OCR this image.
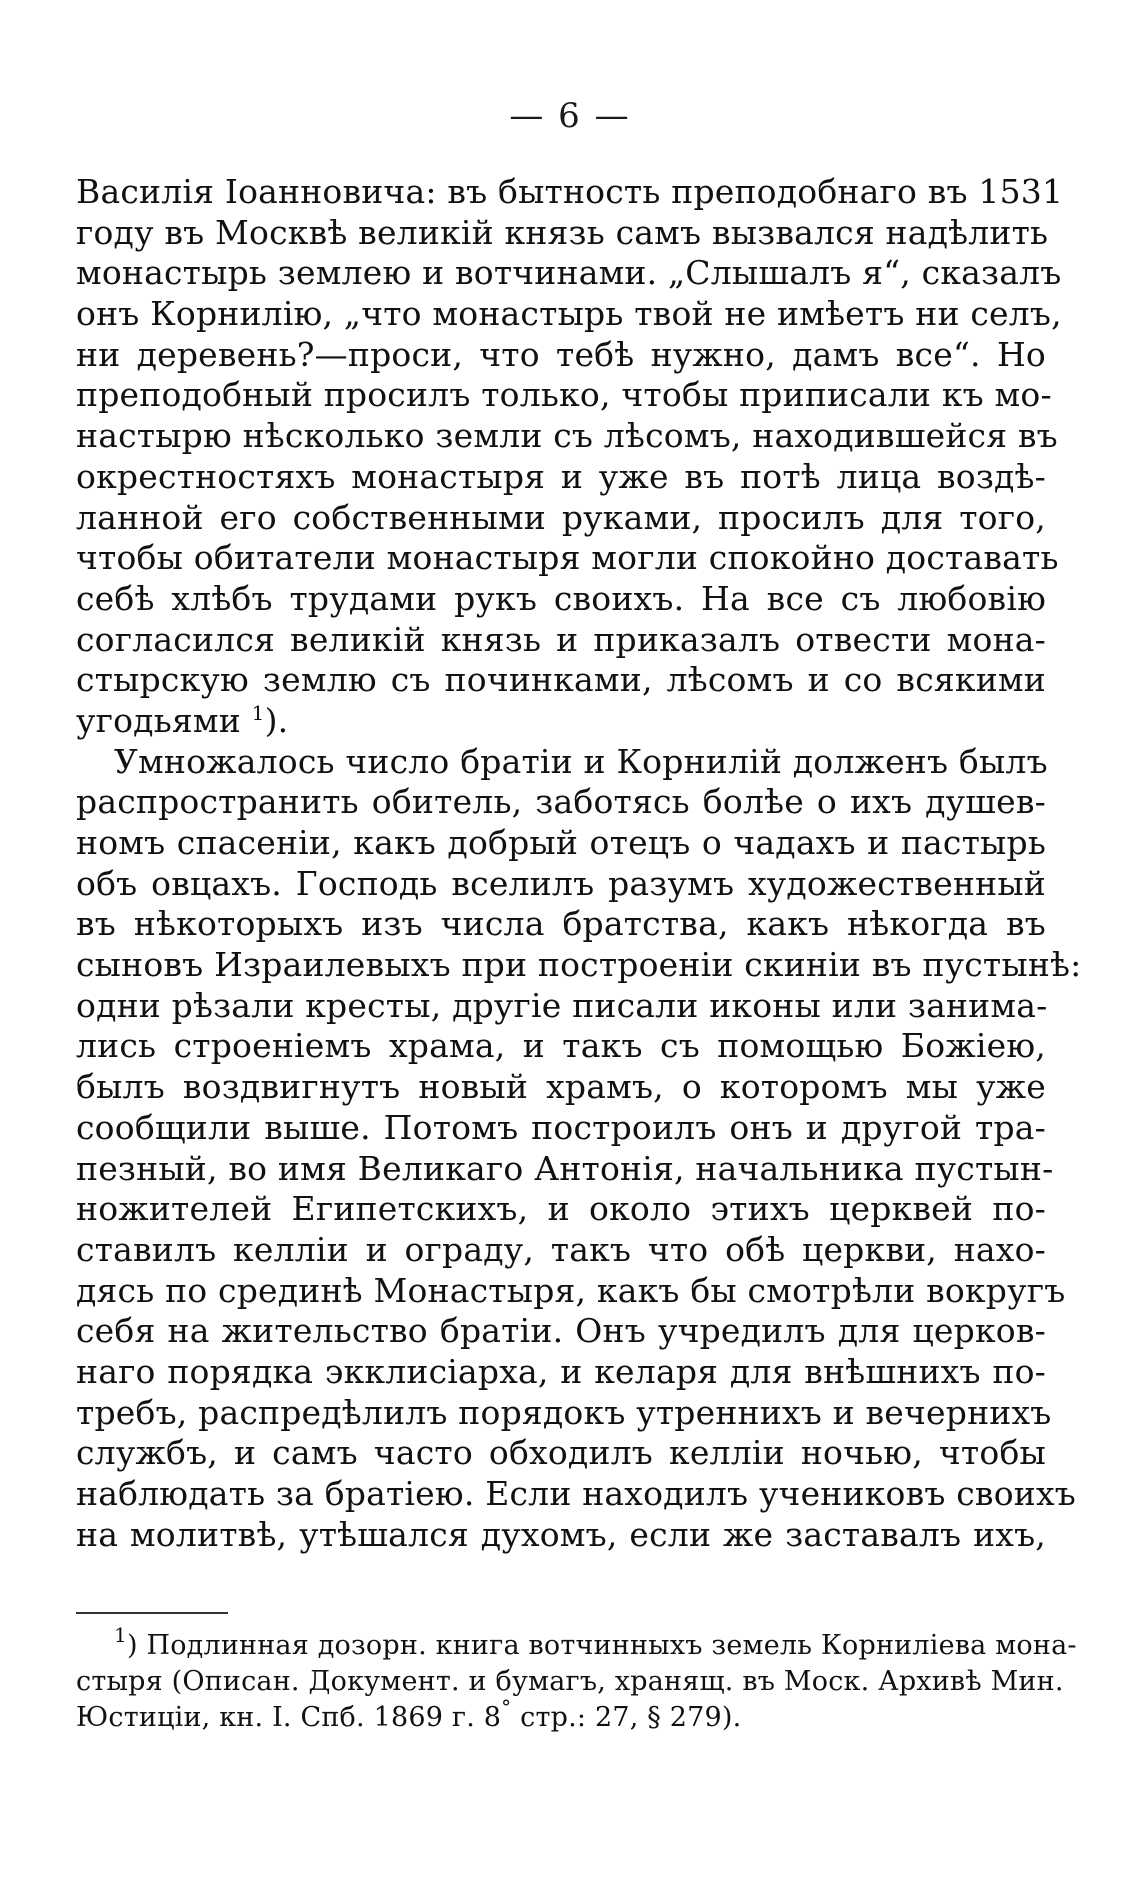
— 6 —
Василія Іоанновича: въ бытность преподобнаго въ 1531
году въ Москвѣ великій князь самъ вызвался надѣлить
монастырь землею и вотчинами. „Слышалъ я“, сказалъ
онъ Корнилію, „что монастырь твой не имѣетъ ни селъ,
ни деревень?—проси, что тебѣ нужно, дамъ все“. Но
преподобный просилъ только, чтобы приписали къ мо-
настырю нѣсколько земли съ лѣсомъ, находившейся въ
окрестностяхъ монастыря и уже въ потѣ лица воздѣ-
ланной его собственными руками, просилъ для того,
чтобы обитатели монастыря могли спокойно доставать
себѣ хлѣбъ трудами рукъ своихъ. На все съ любовію
согласился великій князь и приказалъ отвести мона-
стырскую землю съ починками, лѣсомъ и со всякими
угодьями $^1$).
Умножалось число братіи и Корнилій долженъ былъ
распространить обитель, заботясь болѣе о ихъ душев-
номъ спасеніи, какъ добрый отецъ о чадахъ и пастырь
объ овцахъ. Господь вселилъ разумъ художественный
въ нѣкоторыхъ изъ числа братства, какъ нѣкогда въ
сыновъ Израилевыхъ при построеніи скиніи въ пустынѣ:
одни рѣзали кресты, другіе писали иконы или занима-
лись строеніемъ храма, и такъ съ помощью Божіею,
былъ воздвигнутъ новый храмъ, о которомъ мы уже
сообщили выше. Потомъ построилъ онъ и другой тра-
пезный, во имя Великаго Антонія, начальника пустын-
ножителей Египетскихъ, и около этихъ церквей по-
ставилъ келліи и ограду, такъ что обѣ церкви, нахо-
дясь по срединѣ Монастыря, какъ бы смотрѣли вокругъ
себя на жительство братіи. Онъ учредилъ для церков-
наго порядка экклисіарха, и келаря для внѣшнихъ по-
требъ, распредѣлилъ порядокъ утреннихъ и вечернихъ
службъ, и самъ часто обходилъ келліи ночью, чтобы
наблюдать за братіею. Если находилъ учениковъ своихъ
на молитвѣ, утѣшался духомъ, если же заставалъ ихъ,
$^1$) Подлинная дозорн. книга вотчинныхъ земель Корниліева мона-
стыря (Описан. Документ. и бумагъ, хранящ. въ Моск. Архивѣ Мин.
Юстиціи, кн. I. Спб. 1869 г. 8° стр.: 27, § 279).
